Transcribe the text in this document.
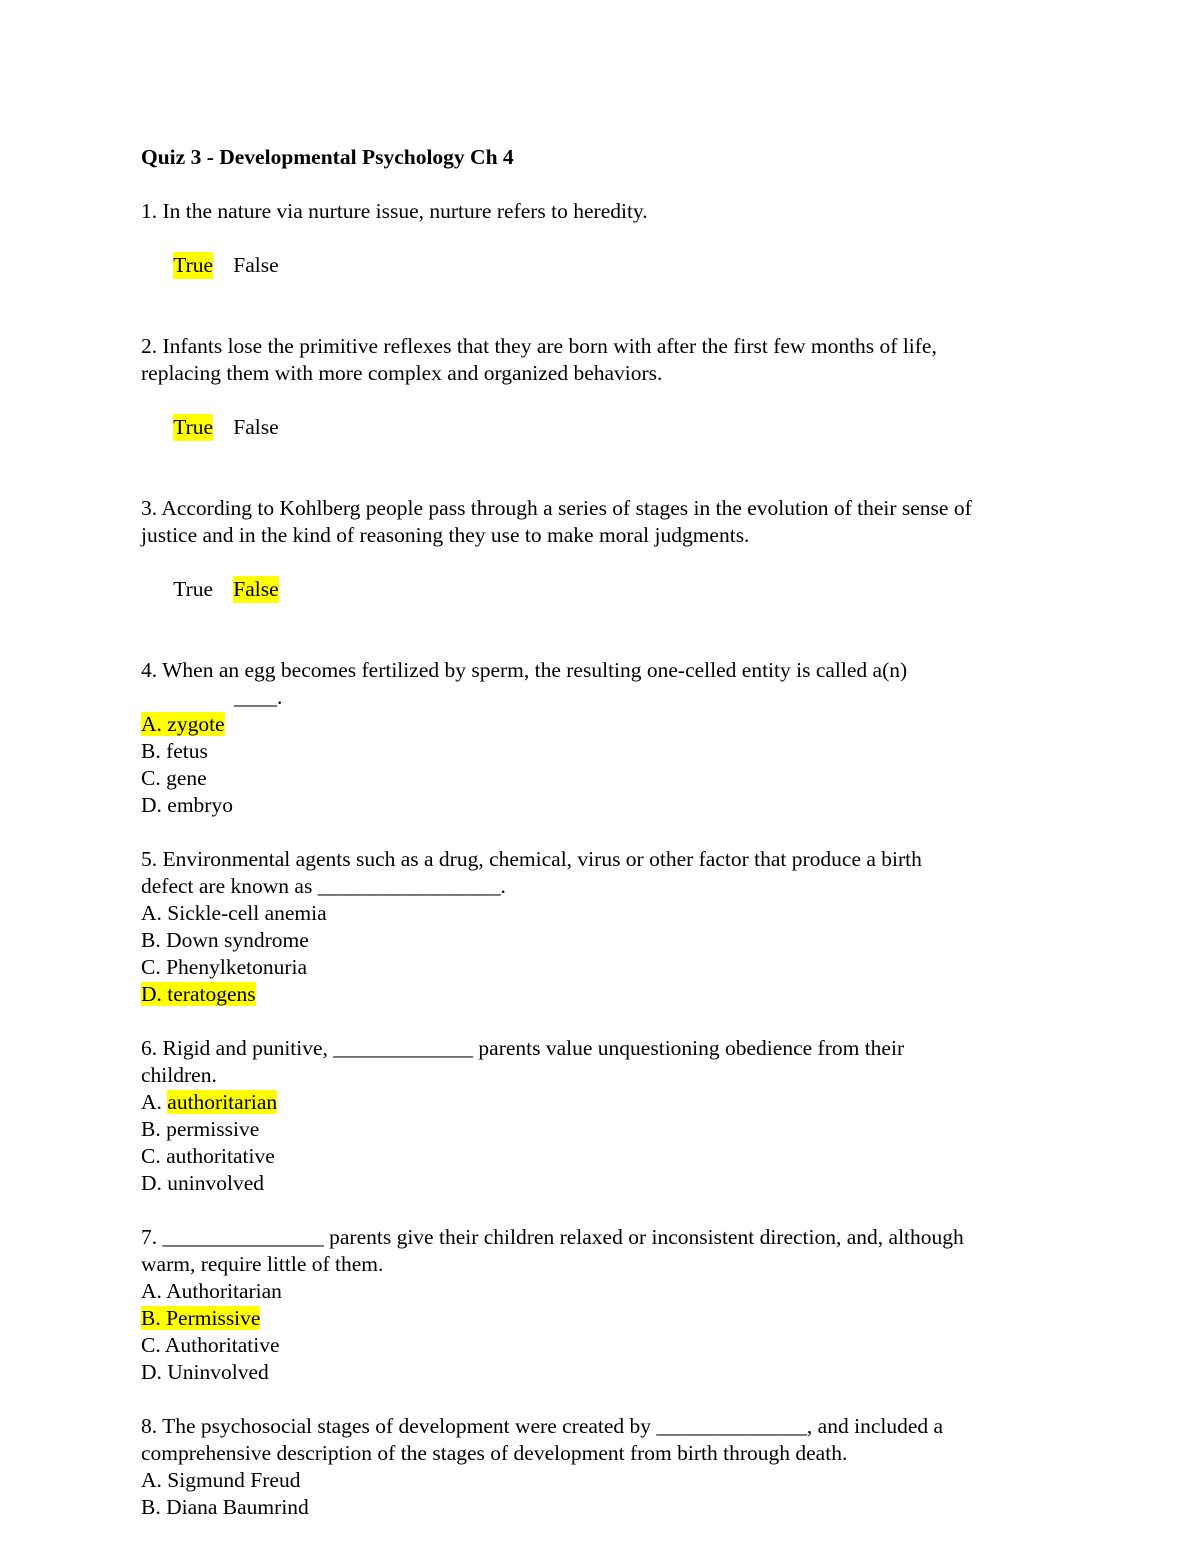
Quiz 3 - Developmental Psychology Ch 4
1. In the nature via nurture issue, nurture refers to heredity.

True False

2. Infants lose the primitive reflexes that they are born with after the first few months of life,
replacing them with more complex and organized behaviors.

True False

3. According to Kohlberg people pass through a series of stages in the evolution of their sense of
justice and in the kind of reasoning they use to make moral judgments.

True False

4. When an egg becomes fertilized by sperm, the resulting one-celled entity is called a(n)
____.
A. zygote
B. fetus
C. gene
D. embryo
5. Environmental agents such as a drug, chemical, virus or other factor that produce a birth
defect are known as _________________.
A. Sickle-cell anemia
B. Down syndrome
C. Phenylketonuria
D. teratogens
6. Rigid and punitive, _____________ parents value unquestioning obedience from their
children.
A. authoritarian
B. permissive
C. authoritative
D. uninvolved
7. _______________ parents give their children relaxed or inconsistent direction, and, although
warm, require little of them.
A. Authoritarian
B. Permissive
C. Authoritative
D. Uninvolved
8. The psychosocial stages of development were created by ______________, and included a
comprehensive description of the stages of development from birth through death.
A. Sigmund Freud
B. Diana Baumrind
